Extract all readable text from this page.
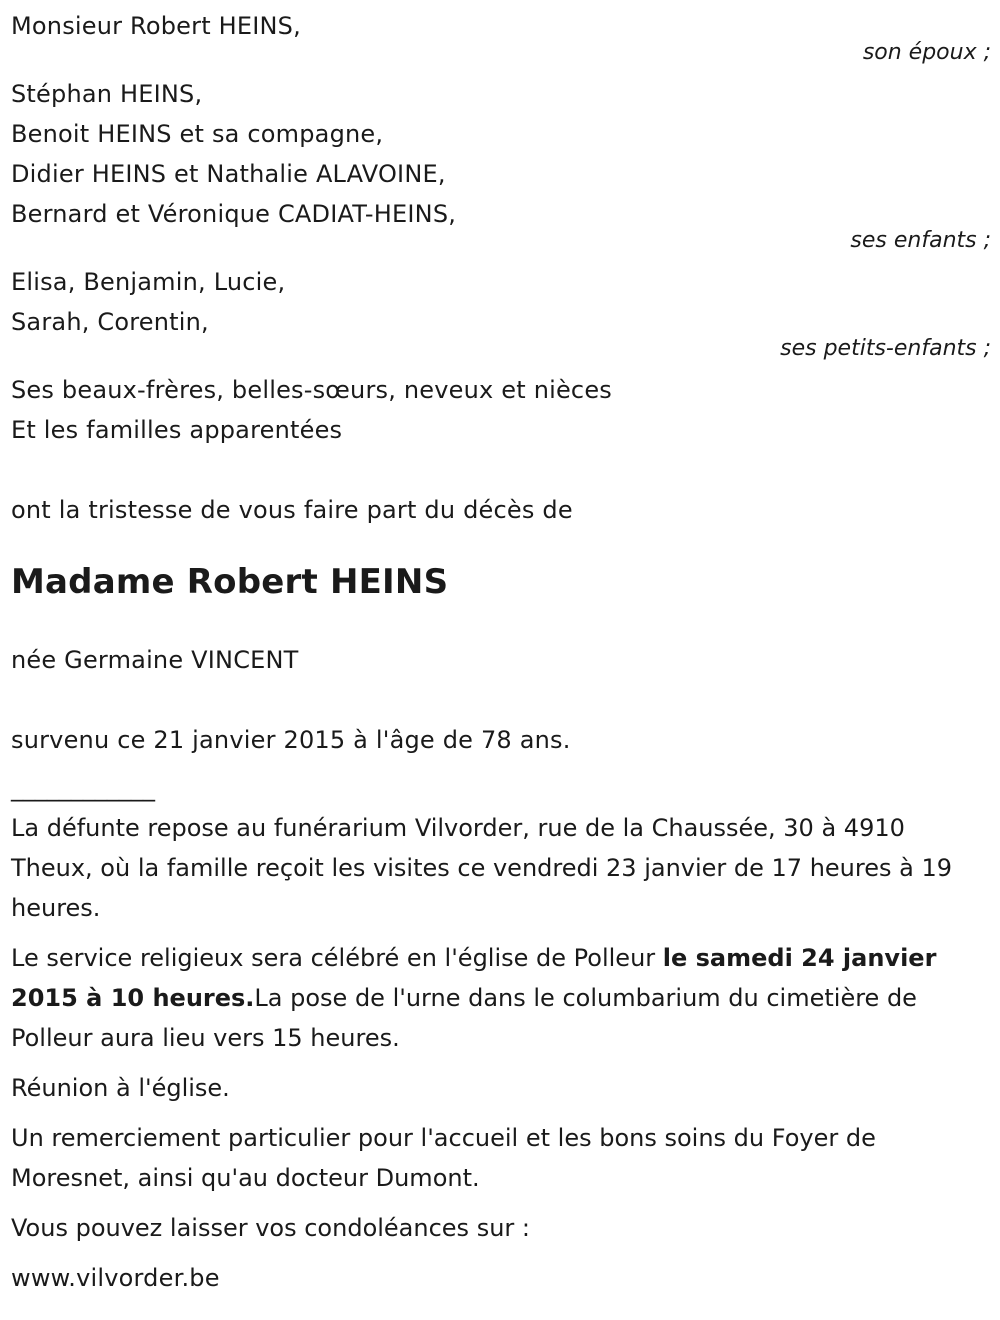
Monsieur Robert HEINS,
son époux ;
Stéphan HEINS,
Benoit HEINS et sa compagne,
Didier HEINS et Nathalie ALAVOINE,
Bernard et Véronique CADIAT-HEINS,
ses enfants ;
Elisa, Benjamin, Lucie,
Sarah, Corentin,
ses petits-enfants ;
Ses beaux-frères, belles-sœurs, neveux et nièces
Et les familles apparentées
ont la tristesse de vous faire part du décès de
Madame Robert HEINS
née Germaine VINCENT
survenu ce 21 janvier 2015 à l'âge de 78 ans.
____________
La défunte repose au funérarium Vilvorder, rue de la Chaussée, 30 à 4910 Theux, où la famille reçoit les visites ce vendredi 23 janvier de 17 heures à 19 heures.
Le service religieux sera célébré en l'église de Polleur le samedi 24 janvier 2015 à 10 heures.La pose de l'urne dans le columbarium du cimetière de Polleur aura lieu vers 15 heures.
Réunion à l'église.
Un remerciement particulier pour l'accueil et les bons soins du Foyer de Moresnet, ainsi qu'au docteur Dumont.
Vous pouvez laisser vos condoléances sur :
www.vilvorder.be
